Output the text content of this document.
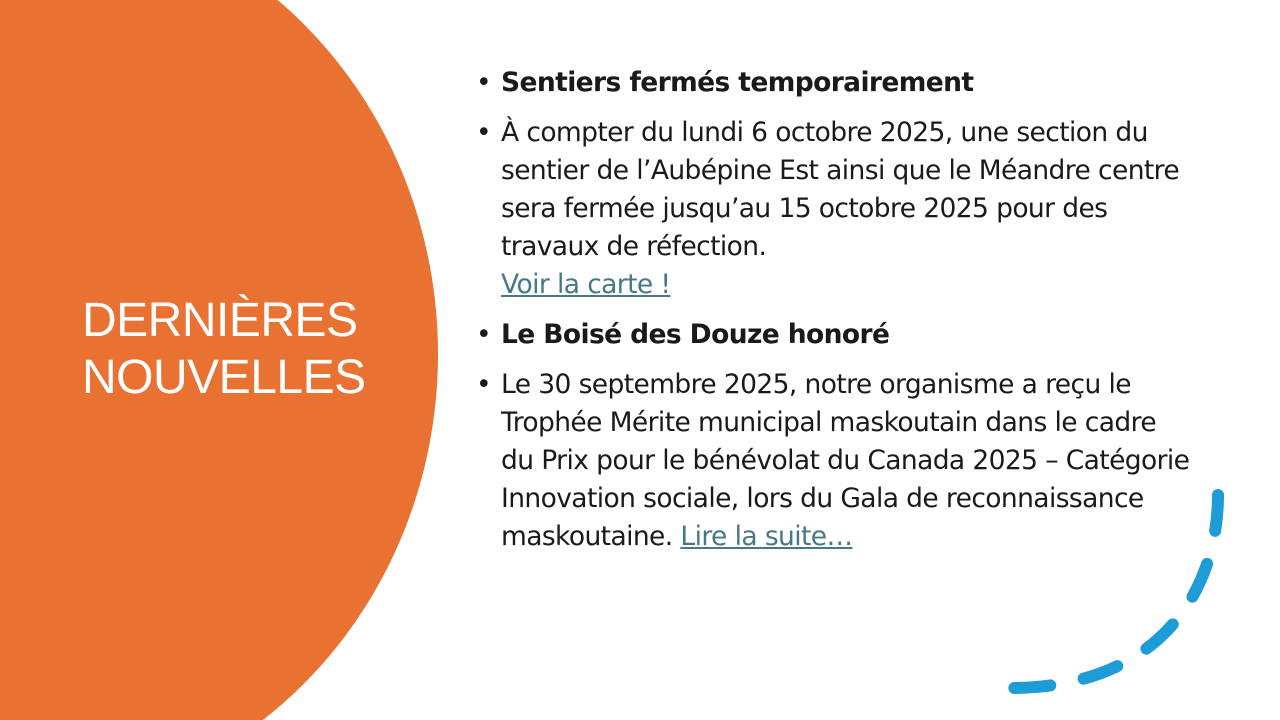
DERNIÈRES NOUVELLES
• Sentiers fermés temporairement
• À compter du lundi 6 octobre 2025, une section du sentier de l’Aubépine Est ainsi que le Méandre centre sera fermée jusqu’au 15 octobre 2025 pour des travaux de réfection.
Voir la carte !
• Le Boisé des Douze honoré
• Le 30 septembre 2025, notre organisme a reçu le Trophée Mérite municipal maskoutain dans le cadre du Prix pour le bénévolat du Canada 2025 – Catégorie Innovation sociale, lors du Gala de reconnaissance maskoutaine. Lire la suite…
